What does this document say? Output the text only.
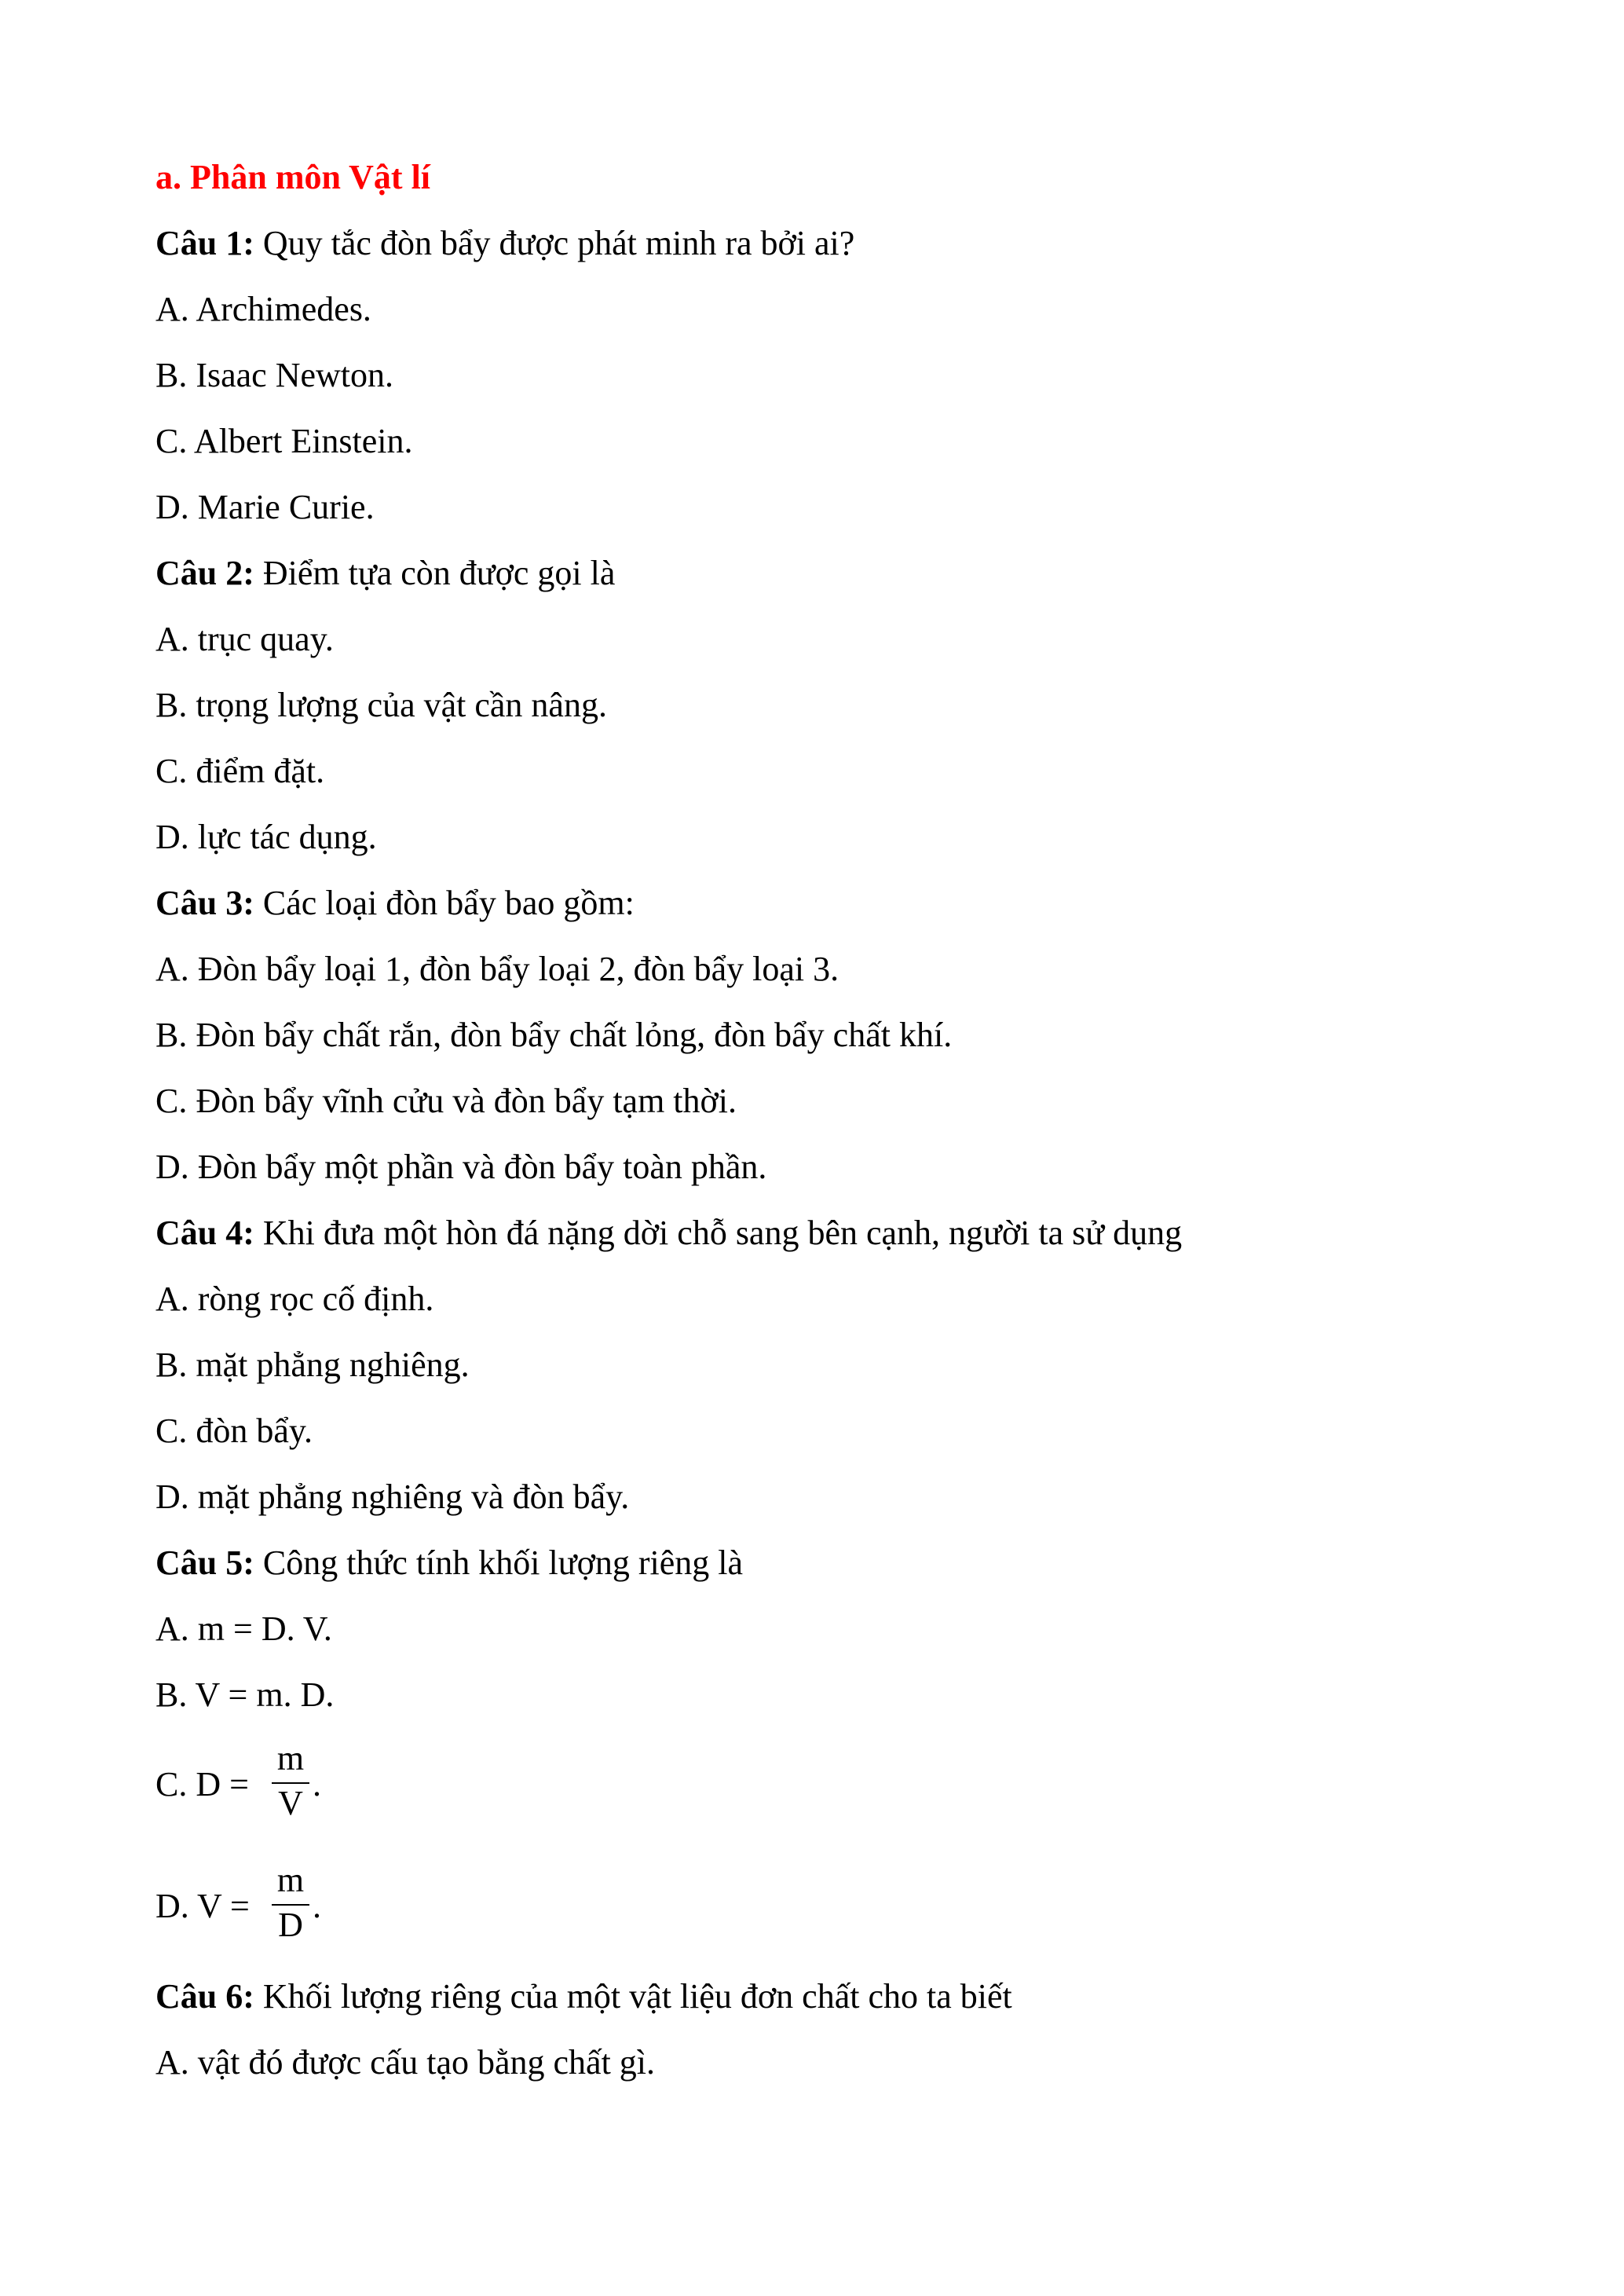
a. Phân môn Vật lí
Câu 1: Quy tắc đòn bẩy được phát minh ra bởi ai?
A. Archimedes.
B. Isaac Newton.
C. Albert Einstein.
D. Marie Curie.
Câu 2: Điểm tựa còn được gọi là
A. trục quay.
B. trọng lượng của vật cần nâng.
C. điểm đặt.
D. lực tác dụng.
Câu 3: Các loại đòn bẩy bao gồm:
A. Đòn bẩy loại 1, đòn bẩy loại 2, đòn bẩy loại 3.
B. Đòn bẩy chất rắn, đòn bẩy chất lỏng, đòn bẩy chất khí.
C. Đòn bẩy vĩnh cửu và đòn bẩy tạm thời.
D. Đòn bẩy một phần và đòn bẩy toàn phần.
Câu 4: Khi đưa một hòn đá nặng dời chỗ sang bên cạnh, người ta sử dụng
A. ròng rọc cố định.
B. mặt phẳng nghiêng.
C. đòn bẩy.
D. mặt phẳng nghiêng và đòn bẩy.
Câu 5: Công thức tính khối lượng riêng là
A. m = D. V.
B. V = m. D.
C. D =
m
V .
D. V =
m
D .
Câu 6: Khối lượng riêng của một vật liệu đơn chất cho ta biết
A. vật đó được cấu tạo bằng chất gì.
